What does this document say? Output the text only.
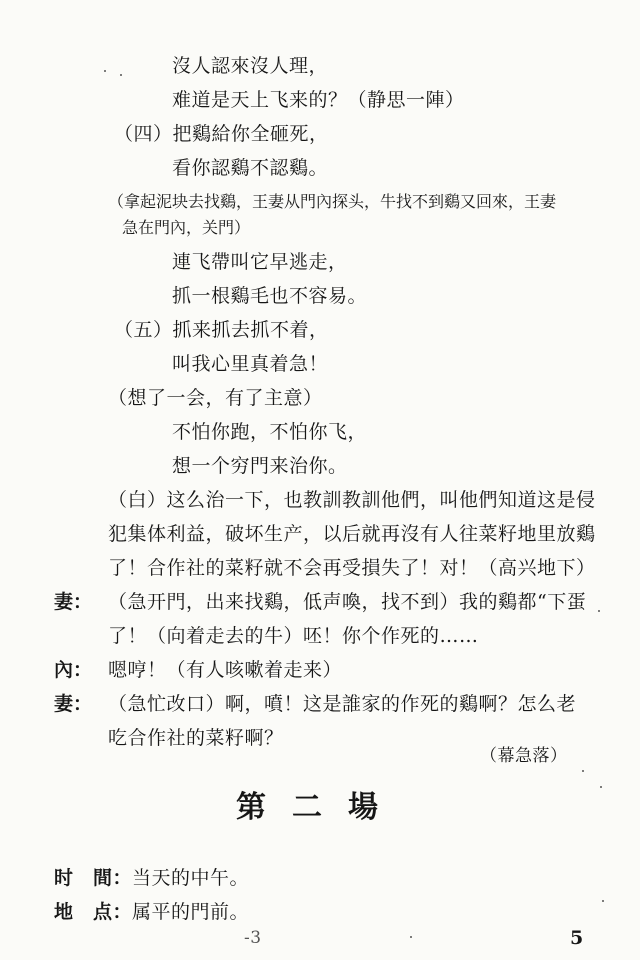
沒人認來沒人理，
难道是天上飞来的？（静思一陣）
（四）把鷄給你全砸死，
看你認鷄不認鷄。
（拿起泥块去找鷄，王妻从門內探头，牛找不到鷄又回來，王妻
急在門內，关門）
連飞帶叫它早逃走，
抓一根鷄毛也不容易。
（五）抓来抓去抓不着，
叫我心里真着急！
（想了一会，有了主意）
不怕你跑，不怕你飞，
想一个穷門来治你。
（白）这么治一下，也教訓教訓他們，叫他們知道这是侵
犯集体利益，破坏生产，以后就再沒有人往菜籽地里放鷄
了！合作社的菜籽就不会再受損失了！对！（高兴地下）
妻： （急开門，出来找鷄，低声喚，找不到）我的鷄都“下蛋
了！（向着走去的牛）呸！你个作死的……
內： 嗯哼！（有人咳嗽着走来）
妻： （急忙改口）啊，噴！这是誰家的作死的鷄啊？怎么老
吃合作社的菜籽啊？
（幕急落）
第二場
时　間：当天的中午。
地　点：属平的門前。
-3	5
